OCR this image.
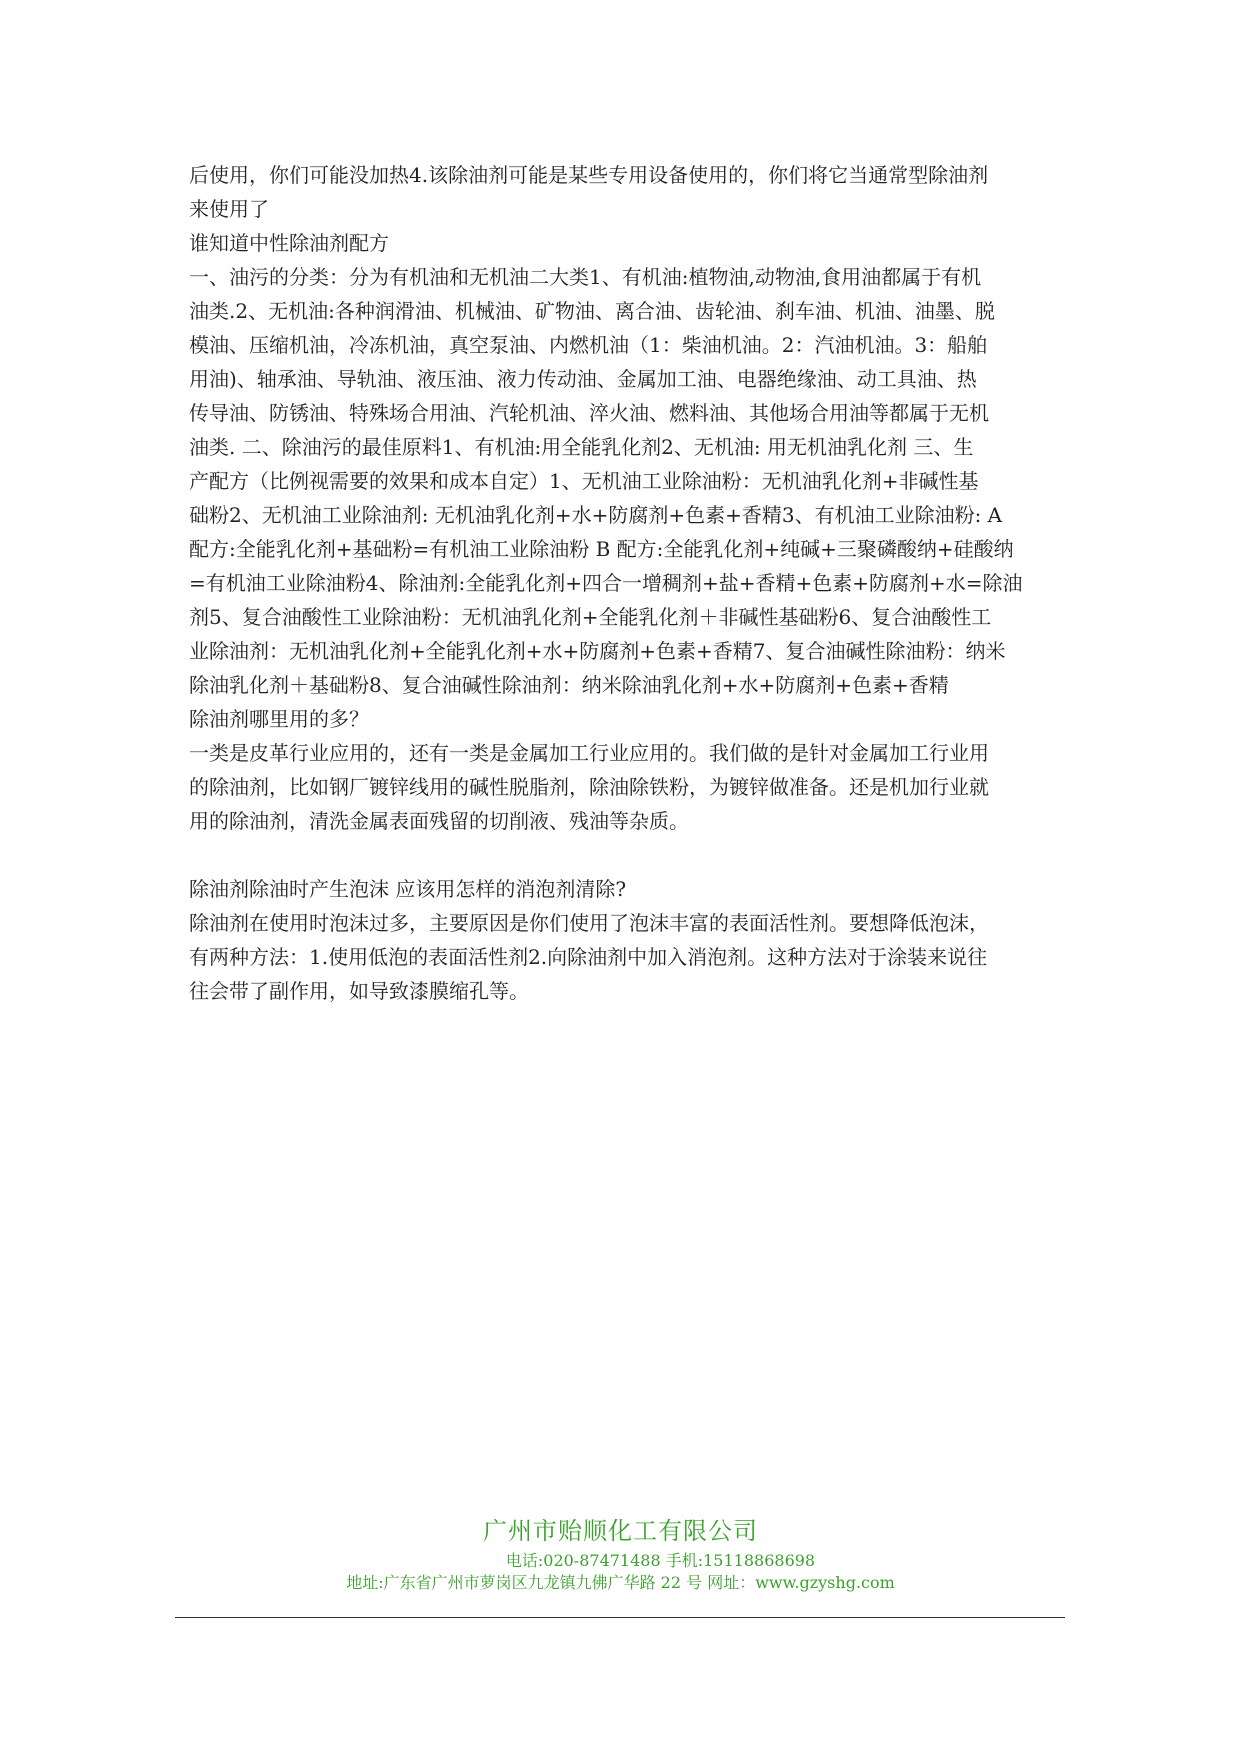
后使用，你们可能没加热4.该除油剂可能是某些专用设备使用的，你们将它当通常型除油剂
来使用了
谁知道中性除油剂配方
一、油污的分类：分为有机油和无机油二大类1、有机油:植物油,动物油,食用油都属于有机
油类.2、无机油:各种润滑油、机械油、矿物油、离合油、齿轮油、刹车油、机油、油墨、脱
模油、压缩机油，冷冻机油，真空泵油、内燃机油（1：柴油机油。2：汽油机油。3：船舶
用油)、轴承油、导轨油、液压油、液力传动油、金属加工油、电器绝缘油、动工具油、热
传导油、防锈油、特殊场合用油、汽轮机油、淬火油、燃料油、其他场合用油等都属于无机
油类. 二、除油污的最佳原料1、有机油:用全能乳化剂2、无机油: 用无机油乳化剂 三、生
产配方（比例视需要的效果和成本自定）1、无机油工业除油粉：无机油乳化剂+非碱性基
础粉2、无机油工业除油剂: 无机油乳化剂+水+防腐剂+色素+香精3、有机油工业除油粉: A
配方:全能乳化剂+基础粉=有机油工业除油粉 B 配方:全能乳化剂+纯碱+三聚磷酸纳+硅酸纳
=有机油工业除油粉4、除油剂:全能乳化剂+四合一增稠剂+盐+香精+色素+防腐剂+水=除油
剂5、复合油酸性工业除油粉：无机油乳化剂+全能乳化剂＋非碱性基础粉6、复合油酸性工
业除油剂：无机油乳化剂+全能乳化剂+水+防腐剂+色素+香精7、复合油碱性除油粉：纳米
除油乳化剂＋基础粉8、复合油碱性除油剂：纳米除油乳化剂+水+防腐剂+色素+香精
除油剂哪里用的多？
一类是皮革行业应用的，还有一类是金属加工行业应用的。我们做的是针对金属加工行业用
的除油剂，比如钢厂镀锌线用的碱性脱脂剂，除油除铁粉，为镀锌做准备。还是机加行业就
用的除油剂，清洗金属表面残留的切削液、残油等杂质。
除油剂除油时产生泡沫 应该用怎样的消泡剂清除?
除油剂在使用时泡沫过多，主要原因是你们使用了泡沫丰富的表面活性剂。要想降低泡沫，
有两种方法：1.使用低泡的表面活性剂2.向除油剂中加入消泡剂。这种方法对于涂装来说往
往会带了副作用，如导致漆膜缩孔等。
广州市贻顺化工有限公司
电话:020-87471488 手机:15118868698
地址:广东省广州市萝岗区九龙镇九佛广华路 22 号 网址：www.gzyshg.com
